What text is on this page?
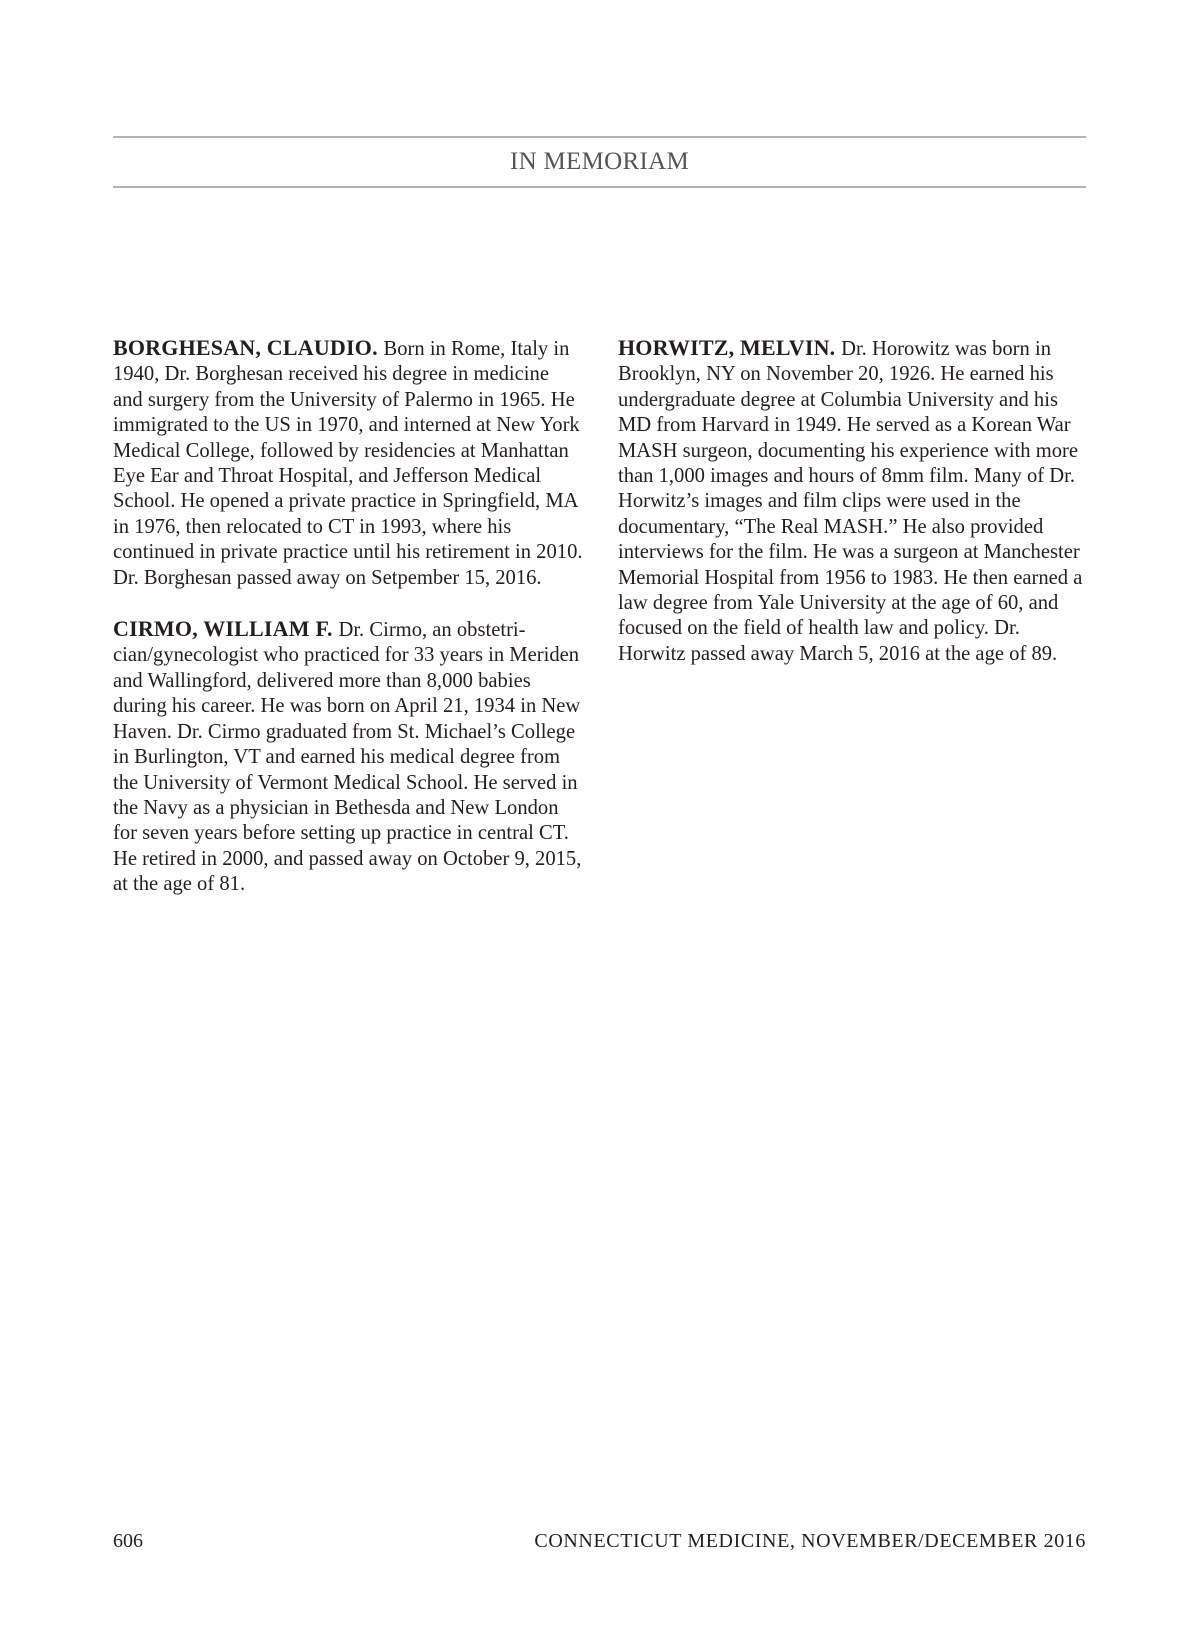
IN MEMORIAM

BORGHESAN, CLAUDIO. Born in Rome, Italy in 1940, Dr. Borghesan received his degree in medicine and surgery from the University of Palermo in 1965. He immigrated to the US in 1970, and interned at New York Medical College, followed by residencies at Manhattan Eye Ear and Throat Hospital, and Jefferson Medical School. He opened a private practice in Springfield, MA in 1976, then relocated to CT in 1993, where his continued in private practice until his retirement in 2010. Dr. Borghesan passed away on Setpember 15, 2016.

CIRMO, WILLIAM F. Dr. Cirmo, an obstetrician/gynecologist who practiced for 33 years in Meriden and Wallingford, delivered more than 8,000 babies during his career. He was born on April 21, 1934 in New Haven. Dr. Cirmo graduated from St. Michael’s College in Burlington, VT and earned his medical degree from the University of Vermont Medical School. He served in the Navy as a physician in Bethesda and New London for seven years before setting up practice in central CT. He retired in 2000, and passed away on October 9, 2015, at the age of 81.

HORWITZ, MELVIN. Dr. Horowitz was born in Brooklyn, NY on November 20, 1926. He earned his undergraduate degree at Columbia University and his MD from Harvard in 1949. He served as a Korean War MASH surgeon, documenting his experience with more than 1,000 images and hours of 8mm film. Many of Dr. Horwitz’s images and film clips were used in the documentary, “The Real MASH.” He also provided interviews for the film. He was a surgeon at Manchester Memorial Hospital from 1956 to 1983. He then earned a law degree from Yale University at the age of 60, and focused on the field of health law and policy. Dr. Horwitz passed away March 5, 2016 at the age of 89.

606	CONNECTICUT MEDICINE, NOVEMBER/DECEMBER 2016
